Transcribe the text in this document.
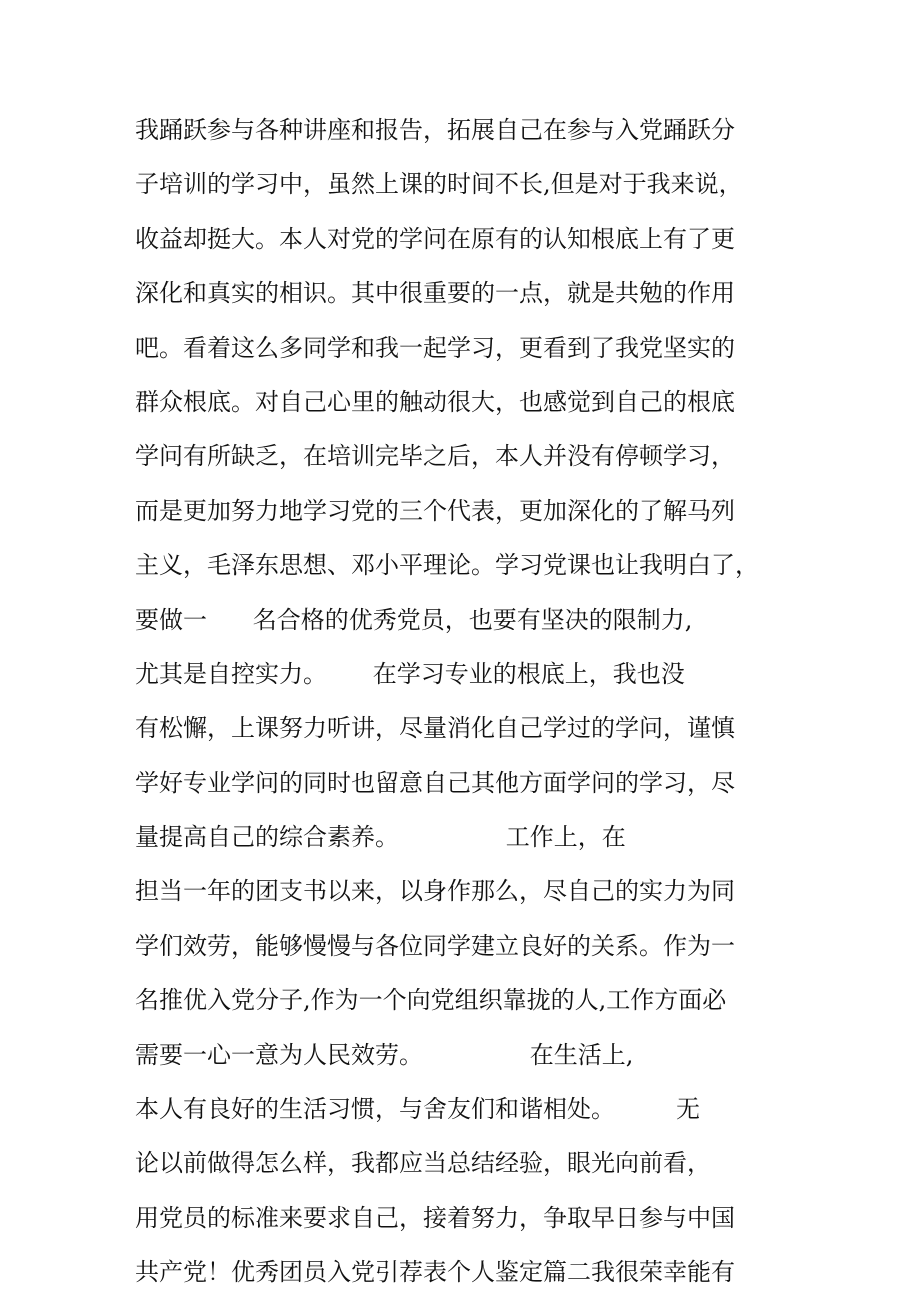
我踊跃参与各种讲座和报告，拓展自己在参与入党踊跃分
子培训的学习中，虽然上课的时间不长,但是对于我来说，
收益却挺大。本人对党的学问在原有的认知根底上有了更
深化和真实的相识。其中很重要的一点，就是共勉的作用
吧。看着这么多同学和我一起学习，更看到了我党坚实的
群众根底。对自己心里的触动很大，也感觉到自己的根底
学问有所缺乏，在培训完毕之后，本人并没有停顿学习，
而是更加努力地学习党的三个代表，更加深化的了解马列
主义，毛泽东思想、邓小平理论。学习党课也让我明白了，
要做一      名合格的优秀党员，也要有坚决的限制力,
尤其是自控实力。      在学习专业的根底上，我也没
有松懈，上课努力听讲，尽量消化自己学过的学问，谨慎
学好专业学问的同时也留意自己其他方面学问的学习，尽
量提高自己的综合素养。              工作上，在
担当一年的团支书以来，以身作那么，尽自己的实力为同
学们效劳，能够慢慢与各位同学建立良好的关系。作为一
名推优入党分子,作为一个向党组织靠拢的人,工作方面必
需要一心一意为人民效劳。              在生活上,
本人有良好的生活习惯，与舍友们和谐相处。        无
论以前做得怎么样，我都应当总结经验，眼光向前看，
用党员的标准来要求自己，接着努力，争取早日参与中国
共产党！优秀团员入党引荐表个人鉴定篇二我很荣幸能有
